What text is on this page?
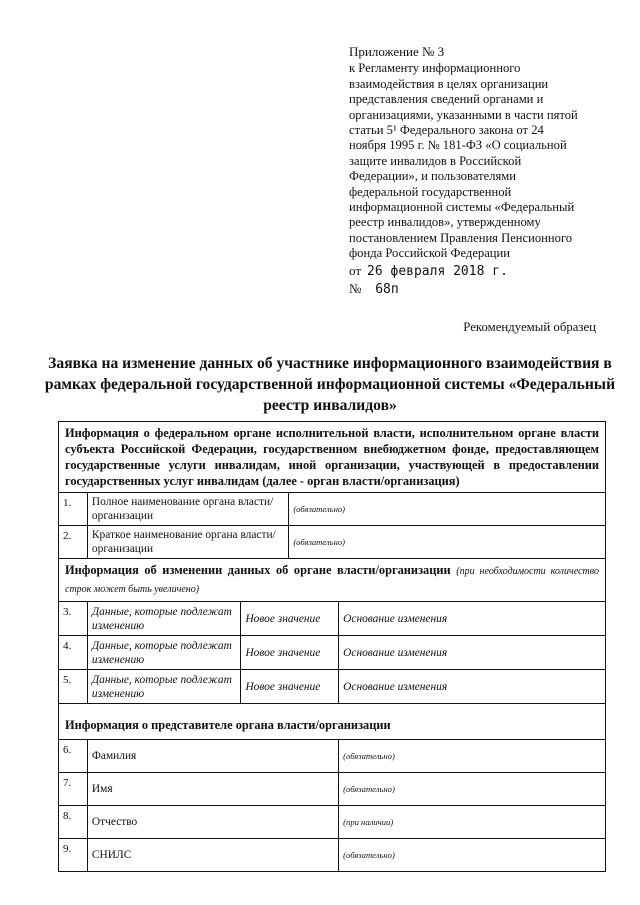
Приложение № 3
к Регламенту информационного
взаимодействия в целях организации
представления сведений органами и
организациями, указанными в части пятой
статьи 5¹ Федерального закона от 24
ноября 1995 г. № 181-ФЗ «О социальной
защите инвалидов в Российской
Федерации», и пользователями
федеральной государственной
информационной системы «Федеральный
реестр инвалидов», утвержденному
постановлением Правления Пенсионного
фонда Российской Федерации
от 26 февраля 2018 г.
№ 68п
Рекомендуемый образец
Заявка на изменение данных об участнике информационного взаимодействия в рамках федеральной государственной информационной системы «Федеральный реестр инвалидов»
Информация о федеральном органе исполнительной власти, исполнительном органе власти субъекта Российской Федерации, государственном внебюджетном фонде, предоставляющем государственные услуги инвалидам, иной организации, участвующей в предоставлении государственных услуг инвалидам (далее - орган власти/организация)				
1.	Полное наименование органа власти/организации		(обязательно)	
2.	Краткое наименование органа власти/организации		(обязательно)	
Информация об изменении данных об органе власти/организации (при необходимости количество строк может быть увеличено)				
3.	Данные, которые подлежат изменению	Новое значение		Основание изменения
4.	Данные, которые подлежат изменению	Новое значение		Основание изменения
5.	Данные, которые подлежат изменению	Новое значение		Основание изменения

Информация о представителе органа власти/организации				
6.	Фамилия			(обязательно)
7.	Имя			(обязательно)
8.	Отчество			(при наличии)
9.	СНИЛС			(обязательно)
